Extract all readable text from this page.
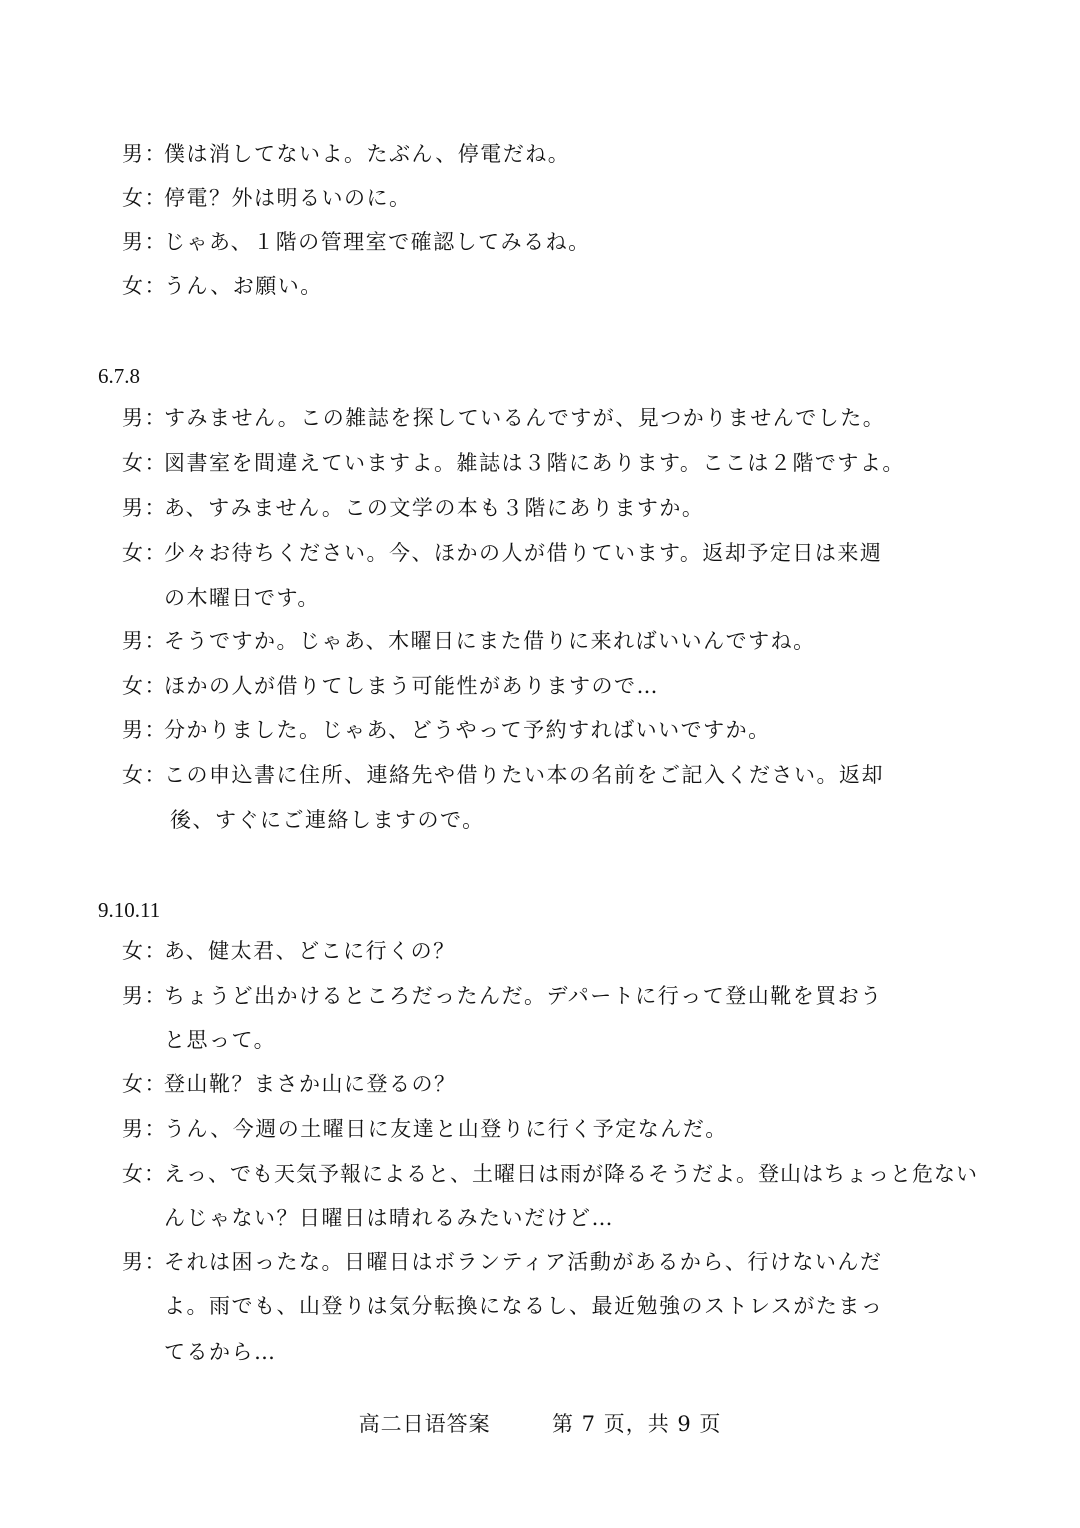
男：僕は消してないよ。たぶん、停電だね。
女：停電？外は明るいのに。
男：じゃあ、１階の管理室で確認してみるね。
女：うん、お願い。
6.7.8
男：すみません。この雑誌を探しているんですが、見つかりませんでした。
女：図書室を間違えていますよ。雑誌は３階にあります。ここは２階ですよ。
男：あ、すみません。この文学の本も３階にありますか。
女：少々お待ちください。今、ほかの人が借りています。返却予定日は来週
の木曜日です。
男：そうですか。じゃあ、木曜日にまた借りに来ればいいんですね。
女：ほかの人が借りてしまう可能性がありますので…
男：分かりました。じゃあ、どうやって予約すればいいですか。
女：この申込書に住所、連絡先や借りたい本の名前をご記入ください。返却
後、すぐにご連絡しますので。
9.10.11
女：あ、健太君、どこに行くの？
男：ちょうど出かけるところだったんだ。デパートに行って登山靴を買おう
と思って。
女：登山靴？まさか山に登るの？
男：うん、今週の土曜日に友達と山登りに行く予定なんだ。
女：えっ、でも天気予報によると、土曜日は雨が降るそうだよ。登山はちょっと危ない
んじゃない？日曜日は晴れるみたいだけど…
男：それは困ったな。日曜日はボランティア活動があるから、行けないんだ
よ。雨でも、山登りは気分転換になるし、最近勉強のストレスがたまっ
てるから…
高二日语答案	第 7 页，共 9 页
